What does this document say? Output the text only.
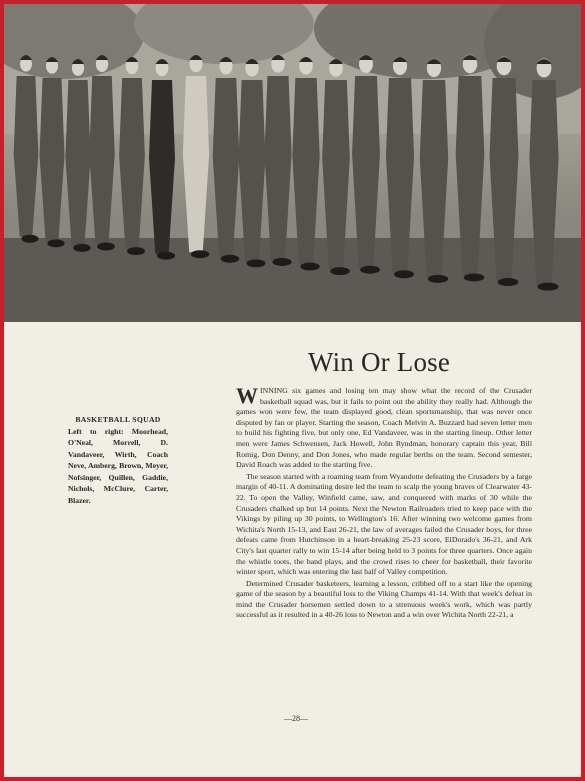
BASKETBALL SQUAD
Left to right: Moorhead, O'Neal, Morrell, D. Vandaveer, Wirth, Coach Neve, Amberg, Brown, Meyer, Nofsinger, Quillen, Gaddie, Nichols, McClure, Carter, Blazer.
Win Or Lose

WINNING six games and losing ten may show what the record of the Crusader basketball squad was, but it fails to point out the ability they really had. Although the games won were few, the team displayed good, clean sportsmanship, that was never once disputed by fan or player. Starting the season, Coach Melvin A. Buzzard had seven letter men to build his fighting five, but only one, Ed Vandaveer, was in the starting lineup. Other letter men were James Schwensen, Jack Howell, John Ryndman, honorary captain this year, Bill Romig, Don Denny, and Don Jones, who made regular berths on the team. Second semester, David Roach was added to the starting five.

The season started with a roaming team from Wyandotte defeating the Crusaders by a large margin of 40-11. A dominating desire led the team to scalp the young braves of Clearwater 43-22. To open the Valley, Winfield came, saw, and conquered with marks of 30 while the Crusaders chalked up but 14 points. Next the Newton Railroaders tried to keep pace with the Vikings by piling up 30 points, to Wellington's 16. After winning two welcome games from Wichita's North 15-13, and East 26-21, the law of averages failed the Crusader boys, for three defeats came from Hutchinson in a heart-breaking 25-23 score, ElDorado's 36-21, and Ark City's last quarter rally to win 15-14 after being held to 3 points for three quarters. Once again the whistle toots, the band plays, and the crowd rises to cheer for basketball, their favorite winter sport, which was entering the last half of Valley competition.

Determined Crusader basketeers, learning a lesson, cribbed off to a start like the opening game of the season by a beautiful loss to the Viking Champs 41-14. With that week's defeat in mind the Crusader horsemen settled down to a strenuous week's work, which was partly successful as it resulted in a 40-26 loss to Newton and a win over Wichita North 22-21, a

—28—
